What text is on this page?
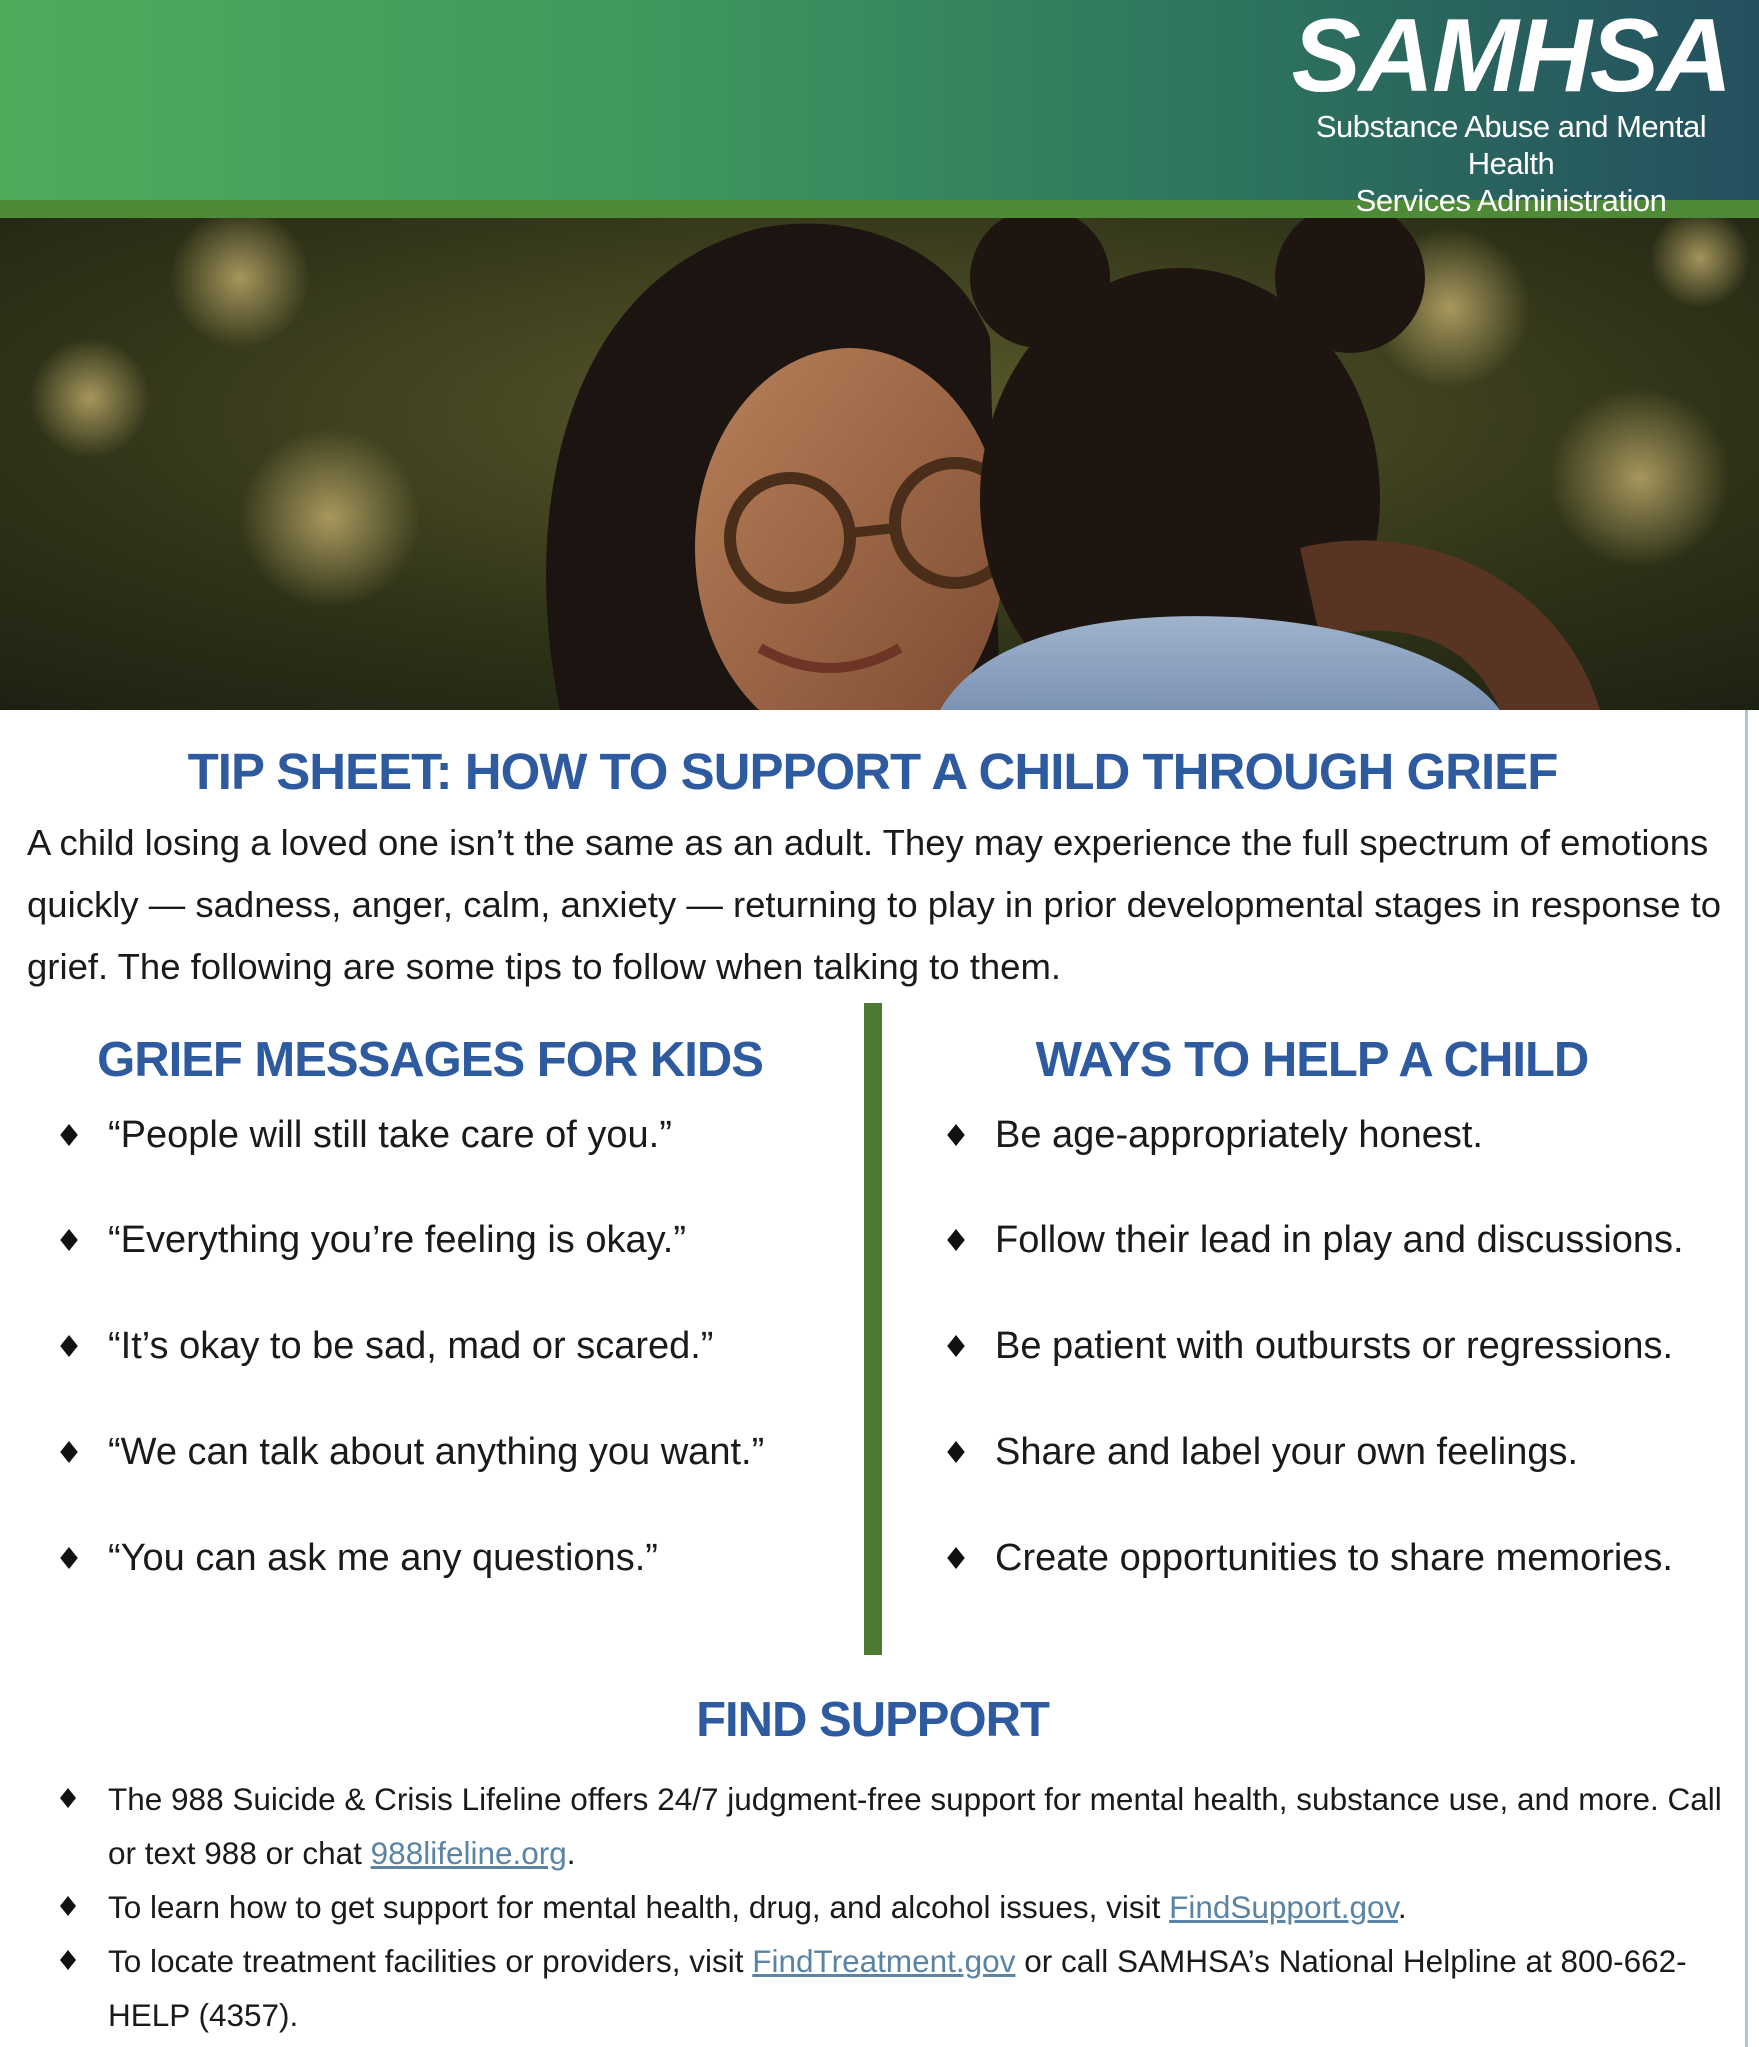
SAMHSA
Substance Abuse and Mental Health
Services Administration
TIP SHEET: HOW TO SUPPORT A CHILD THROUGH GRIEF

A child losing a loved one isn’t the same as an adult. They may experience the full spectrum of emotions quickly — sadness, anger, calm, anxiety — returning to play in prior developmental stages in response to grief. The following are some tips to follow when talking to them.

GRIEF MESSAGES FOR KIDS	WAYS TO HELP A CHILD
“People will still take care of you.”
“Everything you’re feeling is okay.”
“It’s okay to be sad, mad or scared.”
“We can talk about anything you want.”
“You can ask me any questions.”
Be age-appropriately honest.
Follow their lead in play and discussions.
Be patient with outbursts or regressions.
Share and label your own feelings.
Create opportunities to share memories.
FIND SUPPORT
The 988 Suicide & Crisis Lifeline offers 24/7 judgment-free support for mental health, substance use, and more. Call or text 988 or chat 988lifeline.org.
To learn how to get support for mental health, drug, and alcohol issues, visit FindSupport.gov.
To locate treatment facilities or providers, visit FindTreatment.gov or call SAMHSA’s National Helpline at 800-662-HELP (4357).
